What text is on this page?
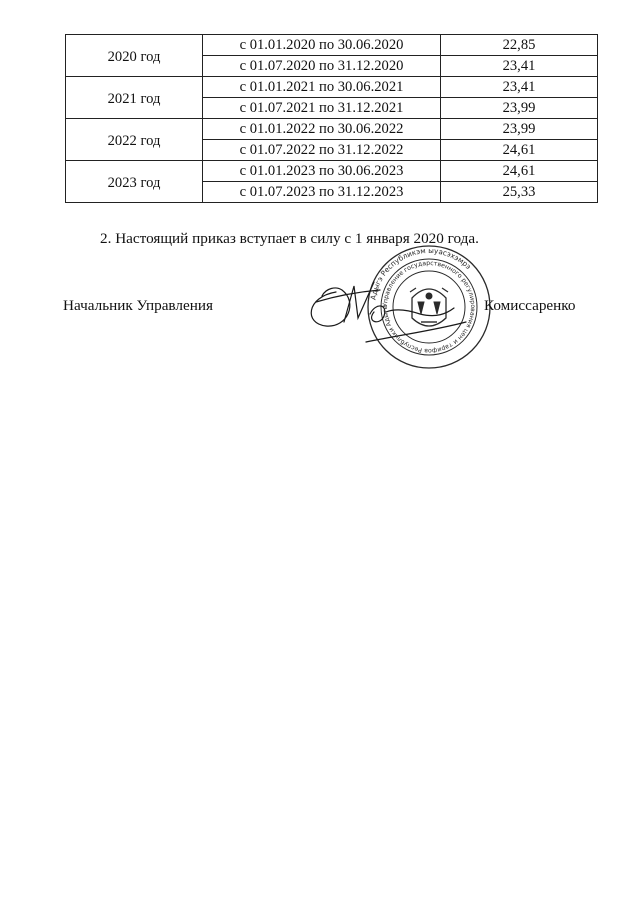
2020 год	с 01.01.2020 по 30.06.2020	22,85
	с 01.07.2020 по 31.12.2020	23,41
2021 год	с 01.01.2021 по 30.06.2021	23,41
	с 01.07.2021 по 31.12.2021	23,99
2022 год	с 01.01.2022 по 30.06.2022	23,99
	с 01.07.2022 по 31.12.2022	24,61
2023 год	с 01.01.2023 по 30.06.2023	24,61
	с 01.07.2023 по 31.12.2023	25,33
2. Настоящий приказ вступает в силу с 1 января 2020 года.
Начальник Управления	Адыгэ Республикэм ыуасэхэмрэ
Управление государственного регулирования цен и тарифов Республики Адыге	Комиссаренко
